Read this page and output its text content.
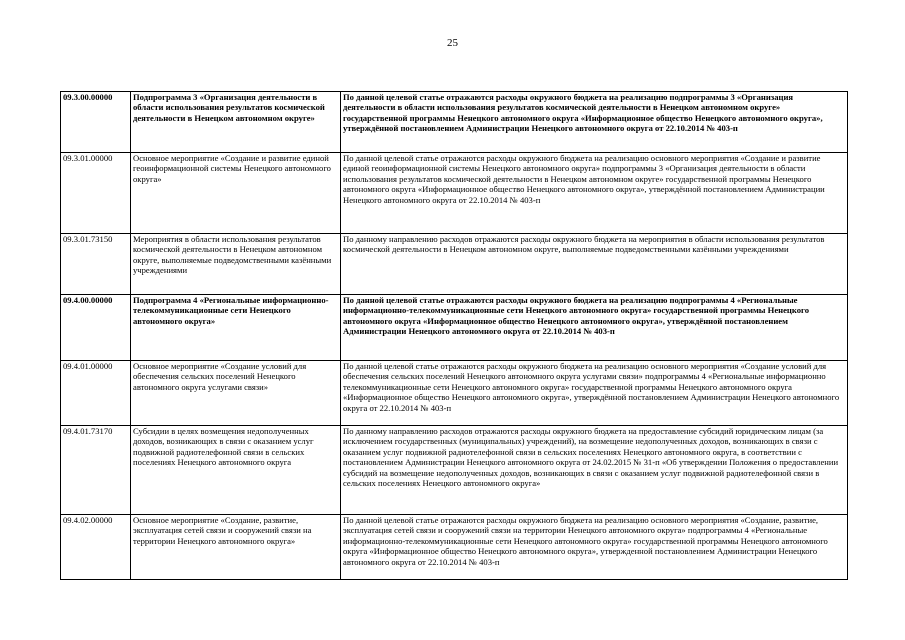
25
09.3.00.00000	Подпрограмма 3 «Организация деятельности в области использования результатов космической деятельности в Ненецком автономном округе»	По данной целевой статье отражаются расходы окружного бюджета на реализацию подпрограммы 3 «Организация деятельности в области использования результатов космической деятельности в Ненецком автономном округе» государственной программы Ненецкого автономного округа «Информационное общество Ненецкого автономного округа», утверждённой постановлением Администрации Ненецкого автономного округа от 22.10.2014 № 403-п
09.3.01.00000	Основное мероприятие «Создание и развитие единой геоинформационной системы Ненецкого автономного округа»	По данной целевой статье отражаются расходы окружного бюджета на реализацию основного мероприятия «Создание и развитие единой геоинформационной системы Ненецкого автономного округа» подпрограммы 3 «Организация деятельности в области использования результатов космической деятельности в Ненецком автономном округе» государственной программы Ненецкого автономного округа «Информационное общество Ненецкого автономного округа», утверждённой постановлением Администрации Ненецкого автономного округа от 22.10.2014 № 403-п
09.3.01.73150	Мероприятия в области использования результатов космической деятельности в Ненецком автономном округе, выполняемые подведомственными казёнными учреждениями	По данному направлению расходов отражаются расходы окружного бюджета на мероприятия в области использования результатов космической деятельности в Ненецком автономном округе, выполняемые подведомственными казёнными учреждениями
09.4.00.00000	Подпрограмма 4 «Региональные информационно-телекоммуникационные сети Ненецкого автономного округа»	По данной целевой статье отражаются расходы окружного бюджета на реализацию подпрограммы 4 «Региональные информационно-телекоммуникационные сети Ненецкого автономного округа» государственной программы Ненецкого автономного округа «Информационное общество Ненецкого автономного округа», утверждённой постановлением Администрации Ненецкого автономного округа от 22.10.2014 № 403-п
09.4.01.00000	Основное мероприятие «Создание условий для обеспечения сельских поселений Ненецкого автономного округа услугами связи»	По данной целевой статье отражаются расходы окружного бюджета на реализацию основного мероприятия «Создание условий для обеспечения сельских поселений Ненецкого автономного округа услугами связи» подпрограммы 4 «Региональные информационно телекоммуникационные сети Ненецкого автономного округа» государственной программы Ненецкого автономного округа «Информационное общество Ненецкого автономного округа», утверждённой постановлением Администрации Ненецкого автономного округа от 22.10.2014 № 403-п
09.4.01.73170	Субсидии в целях возмещения недополученных доходов, возникающих в связи с оказанием услуг подвижной радиотелефонной связи в сельских поселениях Ненецкого автономного округа	По данному направлению расходов отражаются расходы окружного бюджета на предоставление субсидий юридическим лицам (за исключением государственных (муниципальных) учреждений), на возмещение недополученных доходов, возникающих в связи с оказанием услуг подвижной радиотелефонной связи в сельских поселениях Ненецкого автономного округа, в соответствии с постановлением Администрации Ненецкого автономного округа от 24.02.2015 № 31-п «Об утверждении Положения о предоставлении субсидий на возмещение недополученных доходов, возникающих в связи с оказанием услуг подвижной радиотелефонной связи в сельских поселениях Ненецкого автономного округа»
09.4.02.00000	Основное мероприятие «Создание, развитие, эксплуатация сетей связи и сооружений связи на территории Ненецкого автономного округа»	По данной целевой статье отражаются расходы окружного бюджета на реализацию основного мероприятия «Создание, развитие, эксплуатация сетей связи и сооружений связи на территории Ненецкого автономного округа» подпрограммы 4 «Региональные информационно-телекоммуникационные сети Ненецкого автономного округа» государственной программы Ненецкого автономного округа «Информационное общество Ненецкого автономного округа», утвержденной постановлением Администрации Ненецкого автономного округа от 22.10.2014 № 403-п
